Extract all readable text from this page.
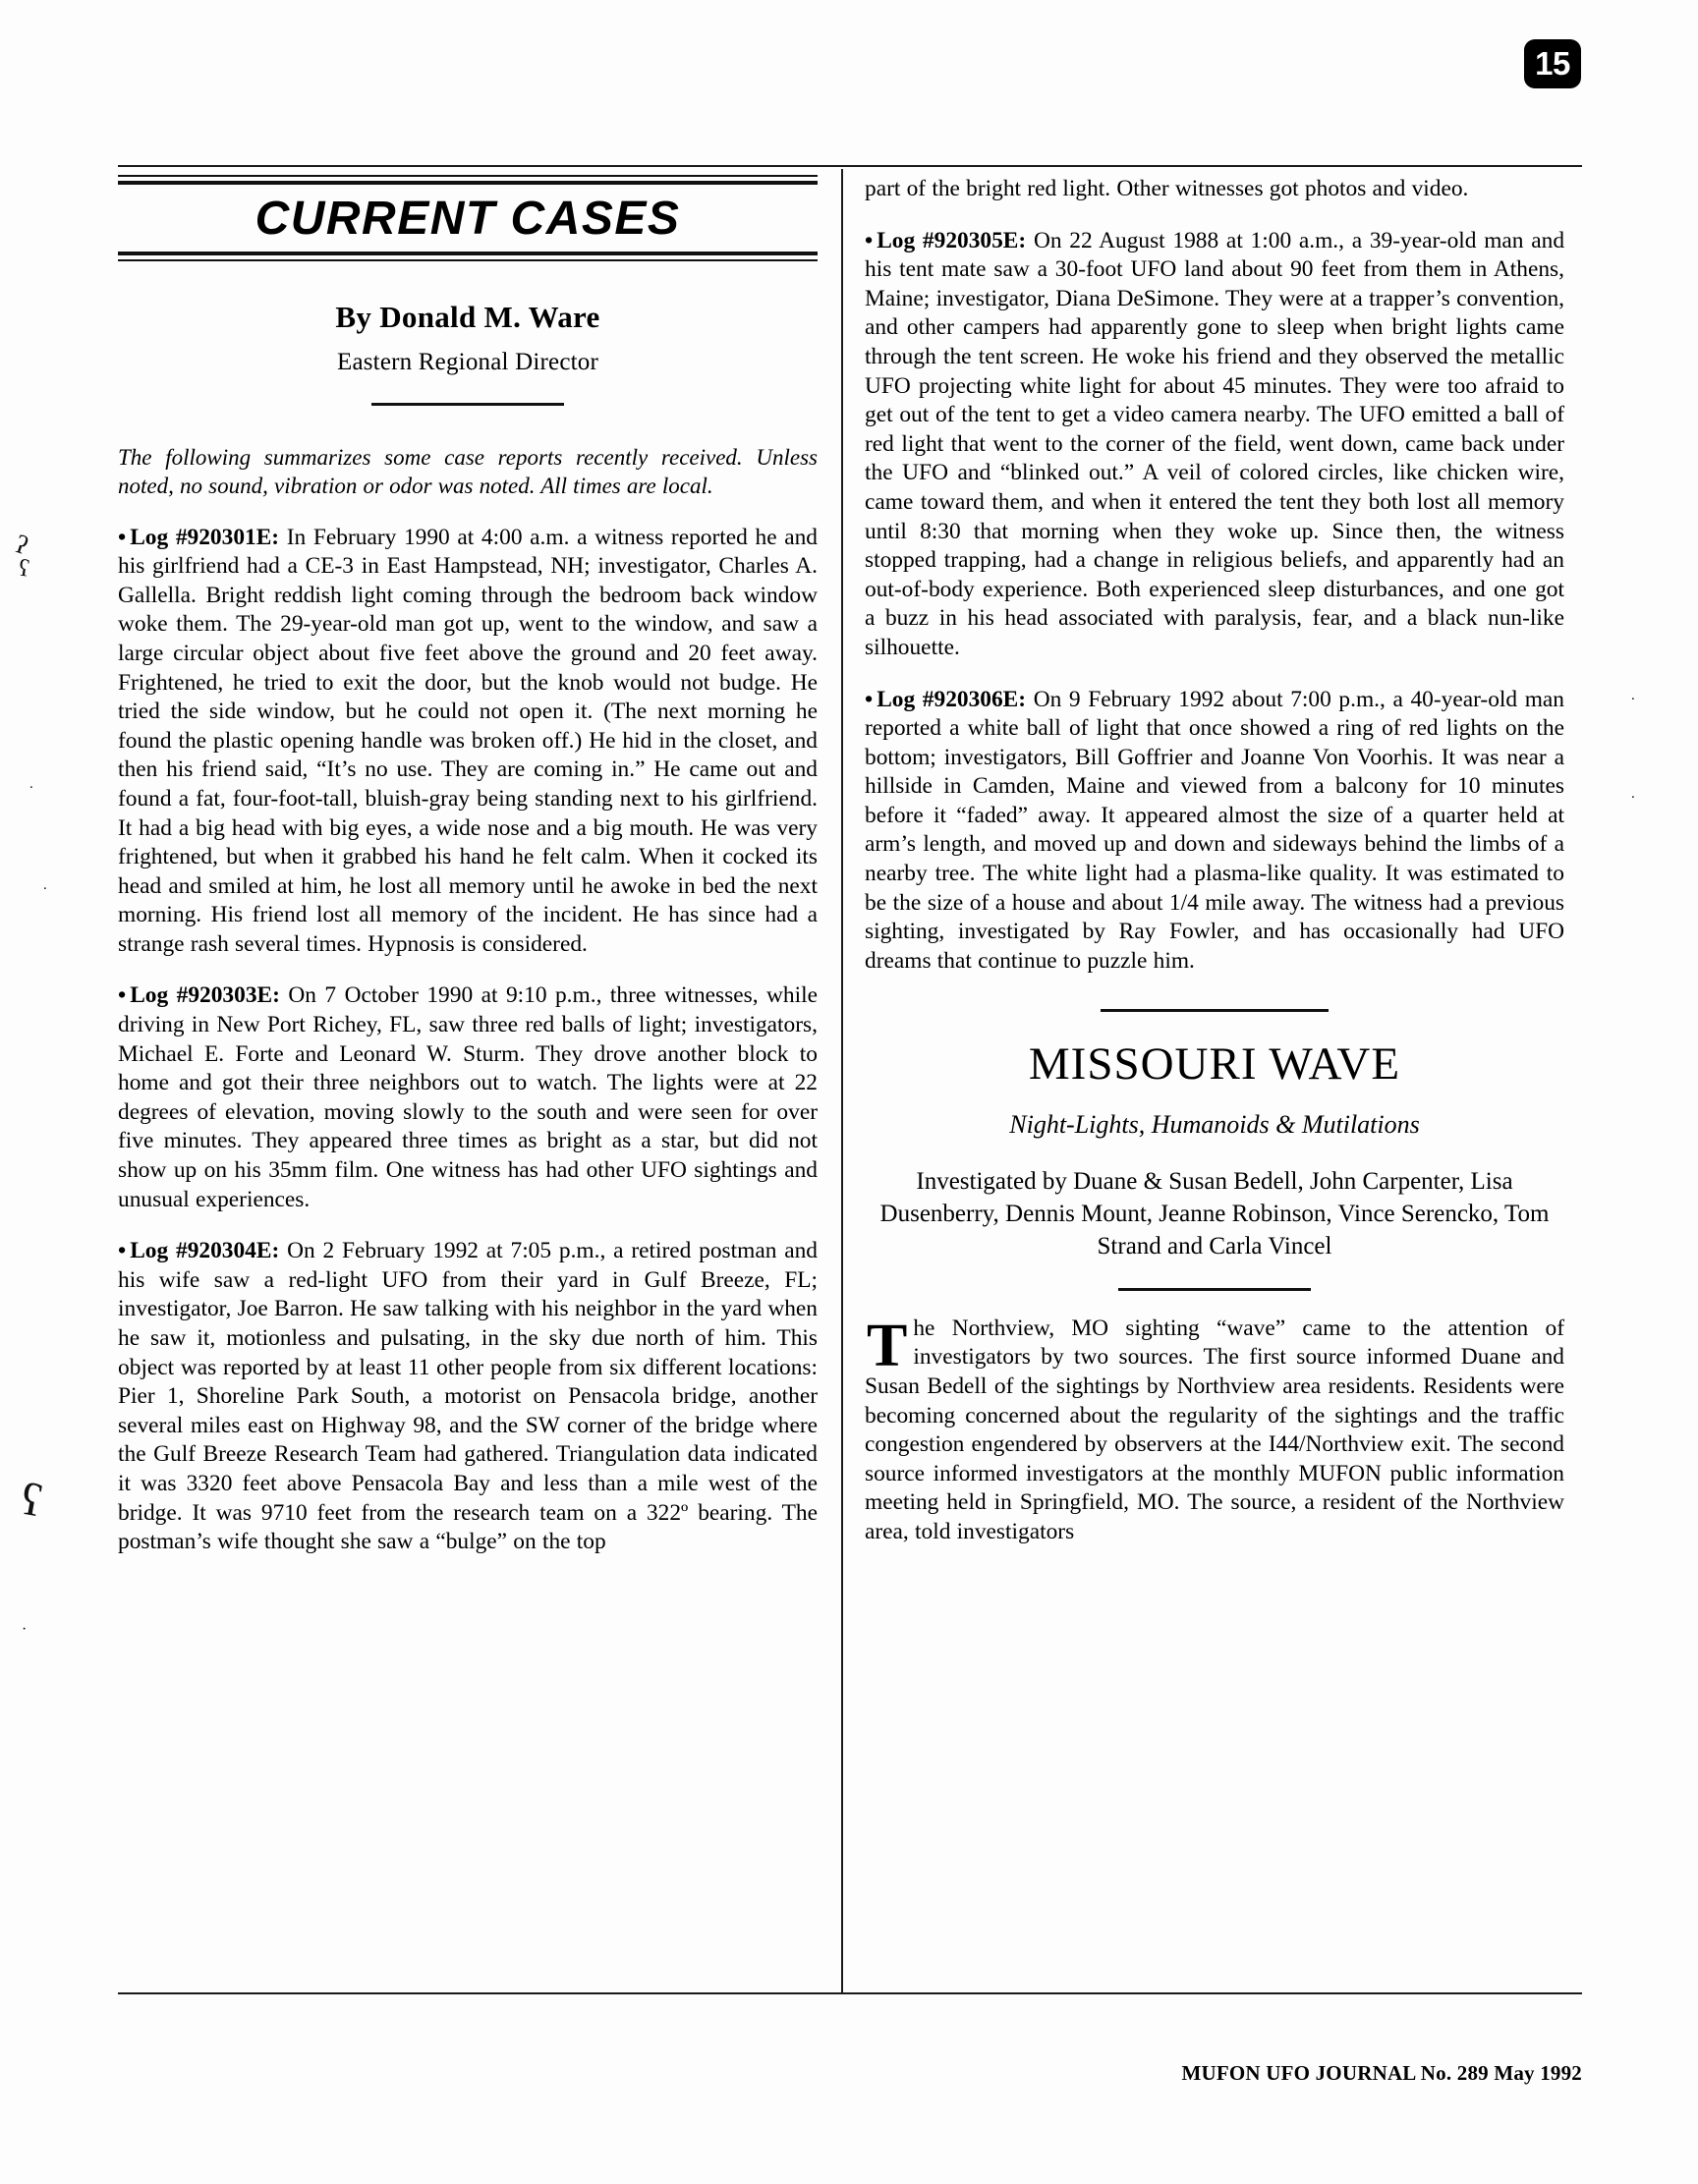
15
CURRENT CASES
By Donald M. Ware
Eastern Regional Director

The following summarizes some case reports recently received. Unless noted, no sound, vibration or odor was noted. All times are local.

• Log #920301E: In February 1990 at 4:00 a.m. a witness reported he and his girlfriend had a CE-3 in East Hampstead, NH; investigator, Charles A. Gallella. Bright reddish light coming through the bedroom back window woke them. The 29-year-old man got up, went to the window, and saw a large circular object about five feet above the ground and 20 feet away. Frightened, he tried to exit the door, but the knob would not budge. He tried the side window, but he could not open it. (The next morning he found the plastic opening handle was broken off.) He hid in the closet, and then his friend said, “It’s no use. They are coming in.” He came out and found a fat, four-foot-tall, bluish-gray being standing next to his girlfriend. It had a big head with big eyes, a wide nose and a big mouth. He was very frightened, but when it grabbed his hand he felt calm. When it cocked its head and smiled at him, he lost all memory until he awoke in bed the next morning. His friend lost all memory of the incident. He has since had a strange rash several times. Hypnosis is considered.

• Log #920303E: On 7 October 1990 at 9:10 p.m., three witnesses, while driving in New Port Richey, FL, saw three red balls of light; investigators, Michael E. Forte and Leonard W. Sturm. They drove another block to home and got their three neighbors out to watch. The lights were at 22 degrees of elevation, moving slowly to the south and were seen for over five minutes. They appeared three times as bright as a star, but did not show up on his 35mm film. One witness has had other UFO sightings and unusual experiences.

• Log #920304E: On 2 February 1992 at 7:05 p.m., a retired postman and his wife saw a red-light UFO from their yard in Gulf Breeze, FL; investigator, Joe Barron. He saw talking with his neighbor in the yard when he saw it, motionless and pulsating, in the sky due north of him. This object was reported by at least 11 other people from six different locations: Pier 1, Shoreline Park South, a motorist on Pensacola bridge, another several miles east on Highway 98, and the SW corner of the bridge where the Gulf Breeze Research Team had gathered. Triangulation data indicated it was 3320 feet above Pensacola Bay and less than a mile west of the bridge. It was 9710 feet from the research team on a 322º bearing. The postman’s wife thought she saw a “bulge” on the top

part of the bright red light. Other witnesses got photos and video.

• Log #920305E: On 22 August 1988 at 1:00 a.m., a 39-year-old man and his tent mate saw a 30-foot UFO land about 90 feet from them in Athens, Maine; investigator, Diana DeSimone. They were at a trapper’s convention, and other campers had apparently gone to sleep when bright lights came through the tent screen. He woke his friend and they observed the metallic UFO projecting white light for about 45 minutes. They were too afraid to get out of the tent to get a video camera nearby. The UFO emitted a ball of red light that went to the corner of the field, went down, came back under the UFO and “blinked out.” A veil of colored circles, like chicken wire, came toward them, and when it entered the tent they both lost all memory until 8:30 that morning when they woke up. Since then, the witness stopped trapping, had a change in religious beliefs, and apparently had an out-of-body experience. Both experienced sleep disturbances, and one got a buzz in his head associated with paralysis, fear, and a black nun-like silhouette.

• Log #920306E: On 9 February 1992 about 7:00 p.m., a 40-year-old man reported a white ball of light that once showed a ring of red lights on the bottom; investigators, Bill Goffrier and Joanne Von Voorhis. It was near a hillside in Camden, Maine and viewed from a balcony for 10 minutes before it “faded” away. It appeared almost the size of a quarter held at arm’s length, and moved up and down and sideways behind the limbs of a nearby tree. The white light had a plasma-like quality. It was estimated to be the size of a house and about 1/4 mile away. The witness had a previous sighting, investigated by Ray Fowler, and has occasionally had UFO dreams that continue to puzzle him.

MISSOURI WAVE
Night-Lights, Humanoids & Mutilations
Investigated by Duane & Susan Bedell, John Carpenter, Lisa Dusenberry, Dennis Mount, Jeanne Robinson, Vince Serencko, Tom Strand and Carla Vincel

The Northview, MO sighting “wave” came to the attention of investigators by two sources. The first source informed Duane and Susan Bedell of the sightings by Northview area residents. Residents were becoming concerned about the regularity of the sightings and the traffic congestion engendered by observers at the I44/Northview exit. The second source informed investigators at the monthly MUFON public information meeting held in Springfield, MO. The source, a resident of the Northview area, told investigators

MUFON UFO JOURNAL No. 289 May 1992
ʔ
ʕ
.
.
ʕ
·
.
.
